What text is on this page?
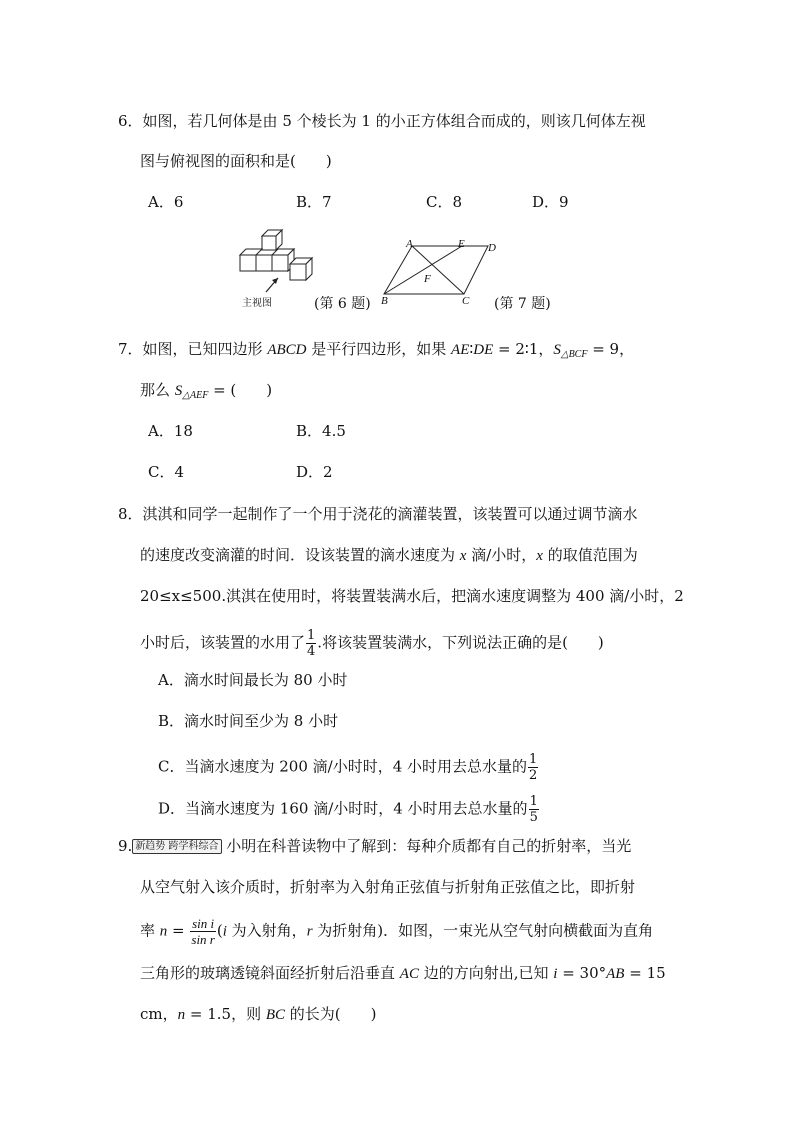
6．如图，若几何体是由 5 个棱长为 1 的小正方体组合而成的，则该几何体左视
图与俯视图的面积和是(　　)
A．6	B．7	C．8	D．9
主视图	(第 6 题)
A	E D
F
B	C (第 7 题)
7．如图，已知四边形 ABCD 是平行四边形，如果 AE∶DE = 2∶1，$S_{\triangle BCF} = 9$，
那么 $S_{\triangle AEF}$ = (　　)
A．18	B．4.5
C．4	D．2
8．淇淇和同学一起制作了一个用于浇花的滴灌装置，该装置可以通过调节滴水
的速度改变滴灌的时间．设该装置的滴水速度为 x 滴/小时，x 的取值范围为
20≤x≤500.淇淇在使用时，将装置装满水后，把滴水速度调整为 400 滴/小时，2
小时后，该装置的水用了 $\frac{1}{4}$ .将该装置装满水，下列说法正确的是(　　)
A．滴水时间最长为 80 小时
B．滴水时间至少为 8 小时
C．当滴水速度为 200 滴/小时时，4 小时用去总水量的 $\frac{1}{2}$
D．当滴水速度为 160 滴/小时时，4 小时用去总水量的 $\frac{1}{5}$
9. 新趋势 跨学科综合 小明在科普读物中了解到：每种介质都有自己的折射率，当光
从空气射入该介质时，折射率为入射角正弦值与折射角正弦值之比，即折射
率 $n = \frac{\text{sin i}}{\text{sin r}} (i$ 为入射角，r 为折射角)．如图，一束光从空气射向横截面为直角
三角形的玻璃透镜斜面经折射后沿垂直 AC 边的方向射出,已知 i = 30°AB = 15
cm，n = 1.5，则 BC 的长为(　　)
